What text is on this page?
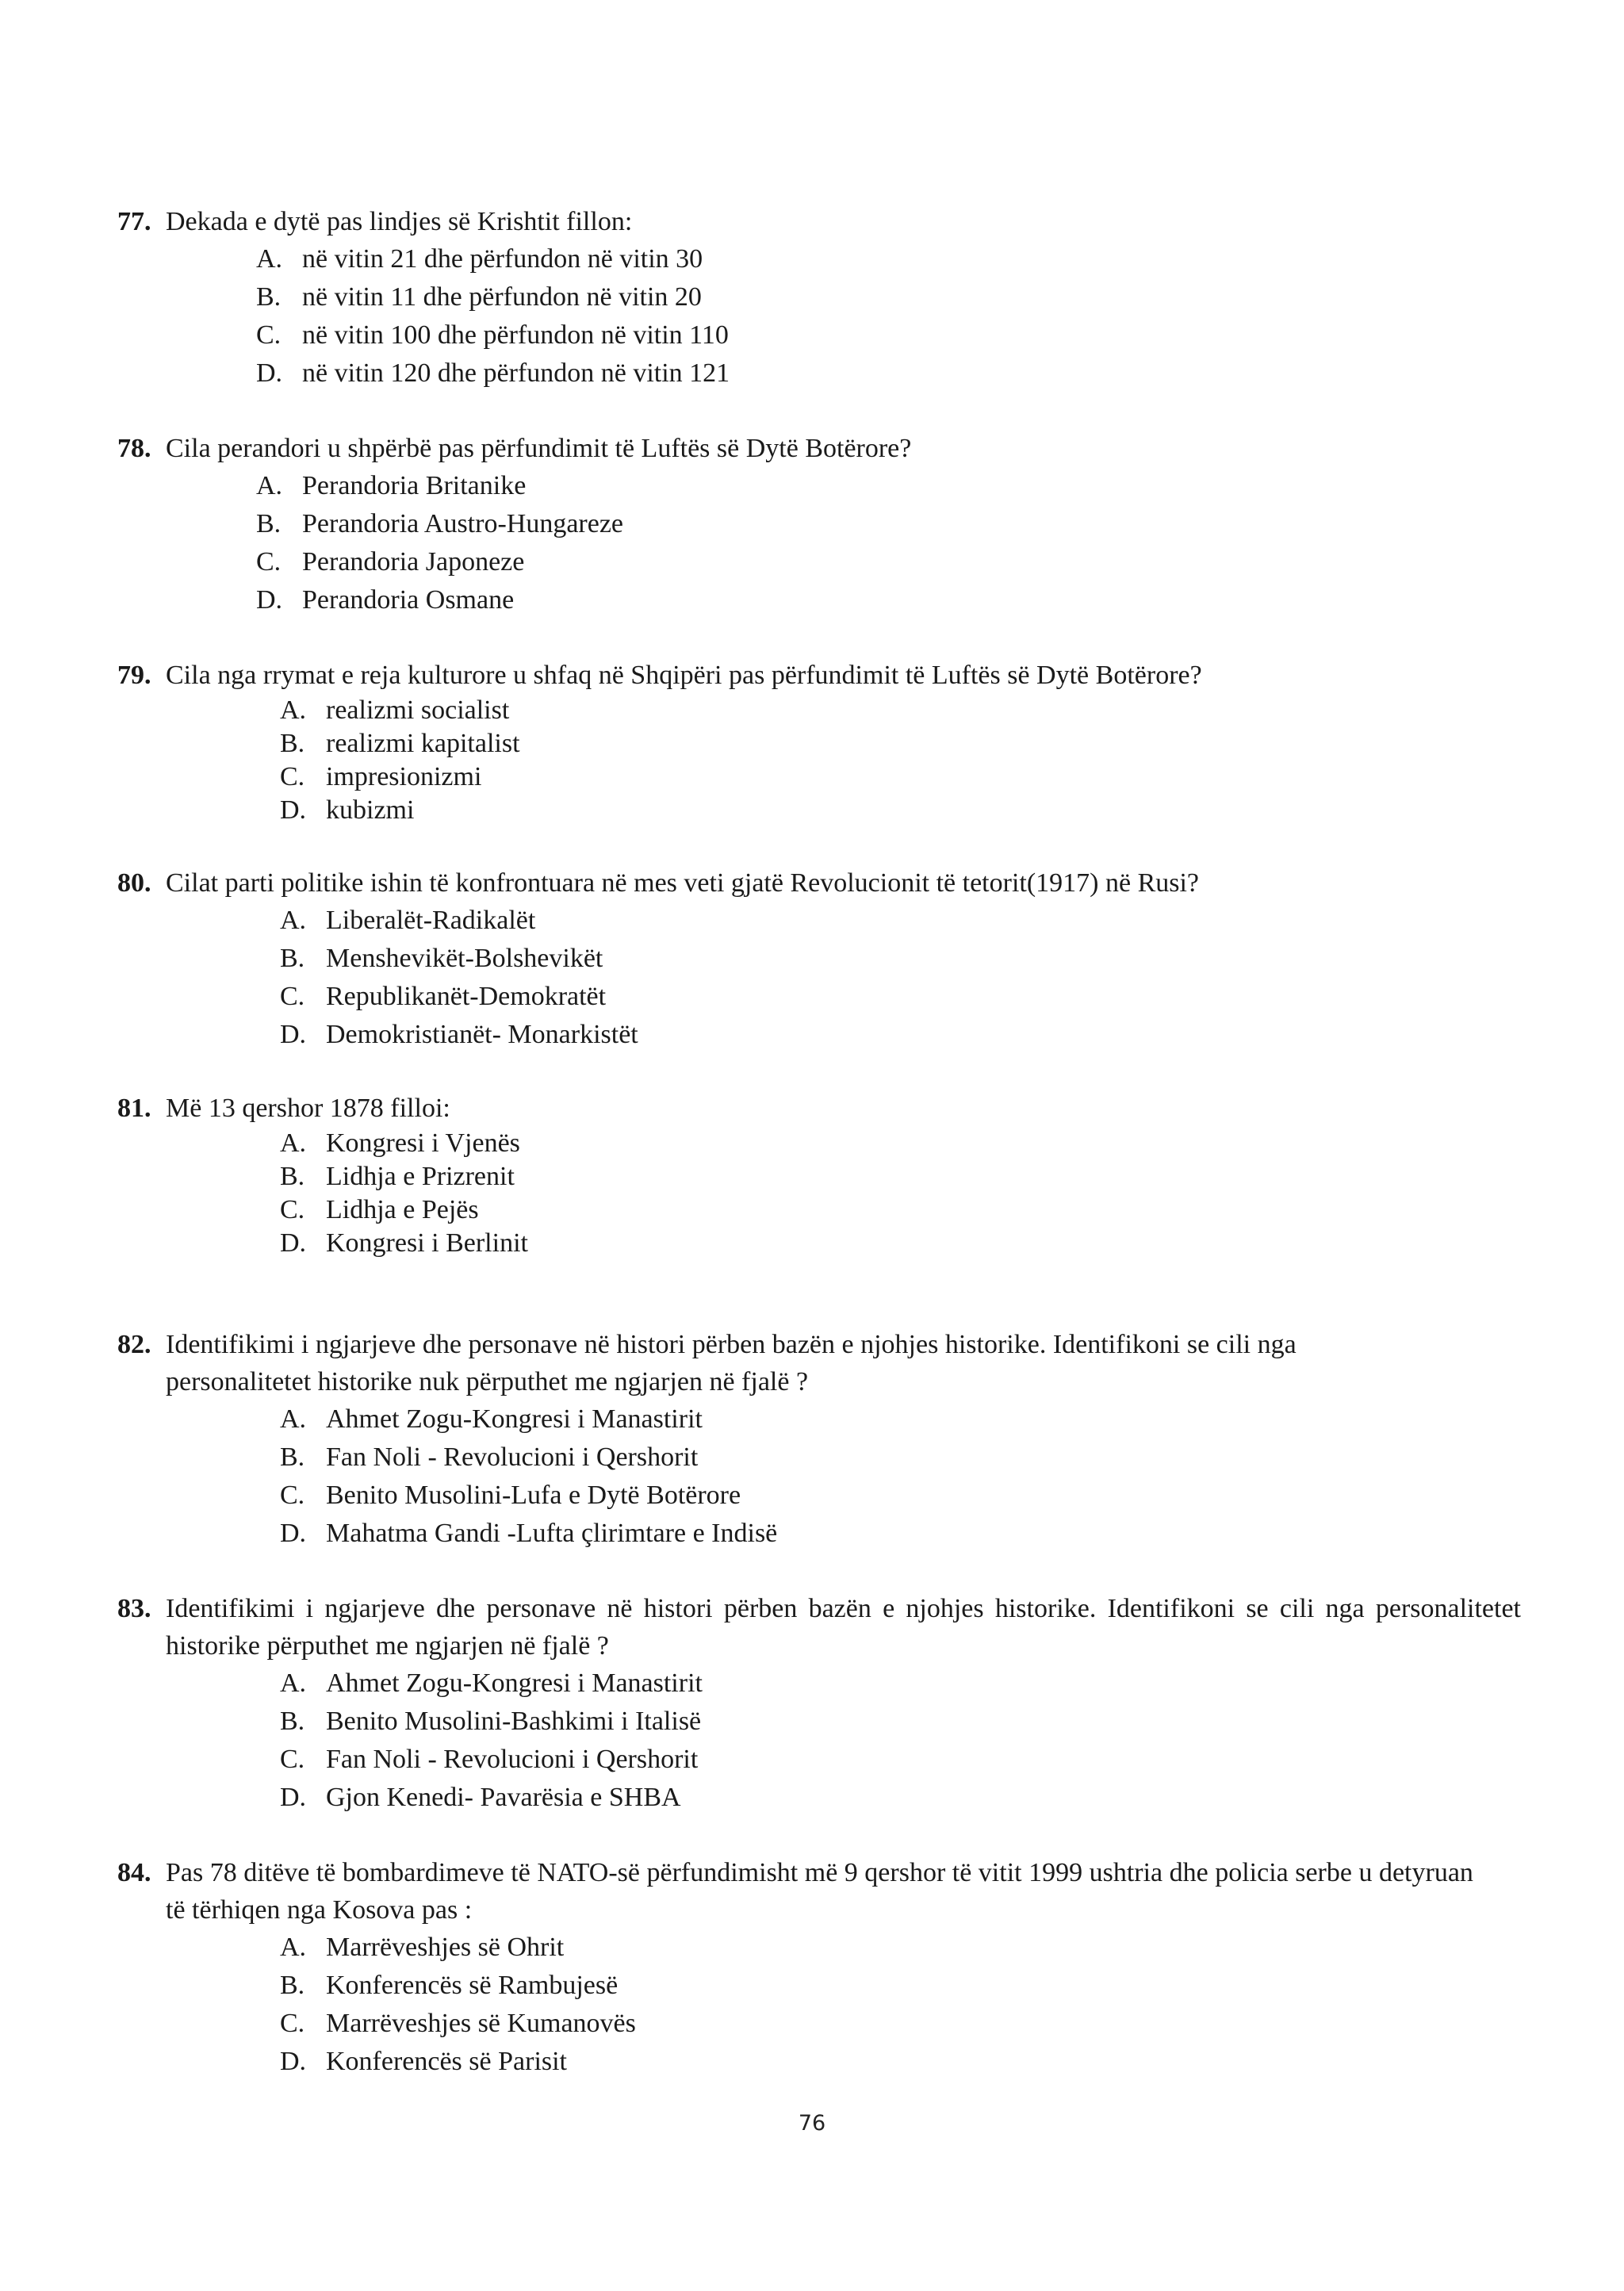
77. Dekada e dytë pas lindjes së Krishtit fillon:
A. në vitin 21 dhe përfundon në vitin 30
B. në vitin 11 dhe përfundon në vitin 20
C. në vitin 100 dhe përfundon në vitin 110
D. në vitin 120 dhe përfundon në vitin 121
78. Cila perandori u shpërbë pas përfundimit të Luftës së Dytë Botërore?
A. Perandoria Britanike
B. Perandoria Austro-Hungareze
C. Perandoria Japoneze
D. Perandoria Osmane
79. Cila nga rrymat e reja kulturore u shfaq në Shqipëri pas përfundimit të Luftës së Dytë Botërore?
A. realizmi socialist
B. realizmi kapitalist
C. impresionizmi
D. kubizmi
80. Cilat parti politike ishin të konfrontuara në mes veti gjatë Revolucionit të tetorit(1917) në Rusi?
A. Liberalët-Radikalët
B. Menshevikët-Bolshevikët
C. Republikanët-Demokratët
D. Demokristianët- Monarkistët
81. Më 13 qershor 1878 filloi:
A. Kongresi i Vjenës
B. Lidhja e Prizrenit
C. Lidhja e Pejës
D. Kongresi i Berlinit
82. Identifikimi i ngjarjeve dhe personave në histori përben bazën e njohjes historike. Identifikoni se cili nga personalitetet historike nuk përputhet me ngjarjen në fjalë ?
A. Ahmet Zogu-Kongresi i Manastirit
B. Fan Noli - Revolucioni i Qershorit
C. Benito Musolini-Lufa e Dytë Botërore
D. Mahatma Gandi -Lufta çlirimtare e Indisë
83. Identifikimi i ngjarjeve dhe personave në histori përben bazën e njohjes historike. Identifikoni se cili nga personalitetet historike përputhet me ngjarjen në fjalë ?
A. Ahmet Zogu-Kongresi i Manastirit
B. Benito Musolini-Bashkimi i Italisë
C. Fan Noli - Revolucioni i Qershorit
D. Gjon Kenedi- Pavarësia e SHBA
84. Pas 78 ditëve të bombardimeve të NATO-së përfundimisht më 9 qershor të vitit 1999 ushtria dhe policia serbe u detyruan të tërhiqen nga Kosova pas :
A. Marrëveshjes së Ohrit
B. Konferencës së Rambujesë
C. Marrëveshjes së Kumanovës
D. Konferencës së Parisit
76
